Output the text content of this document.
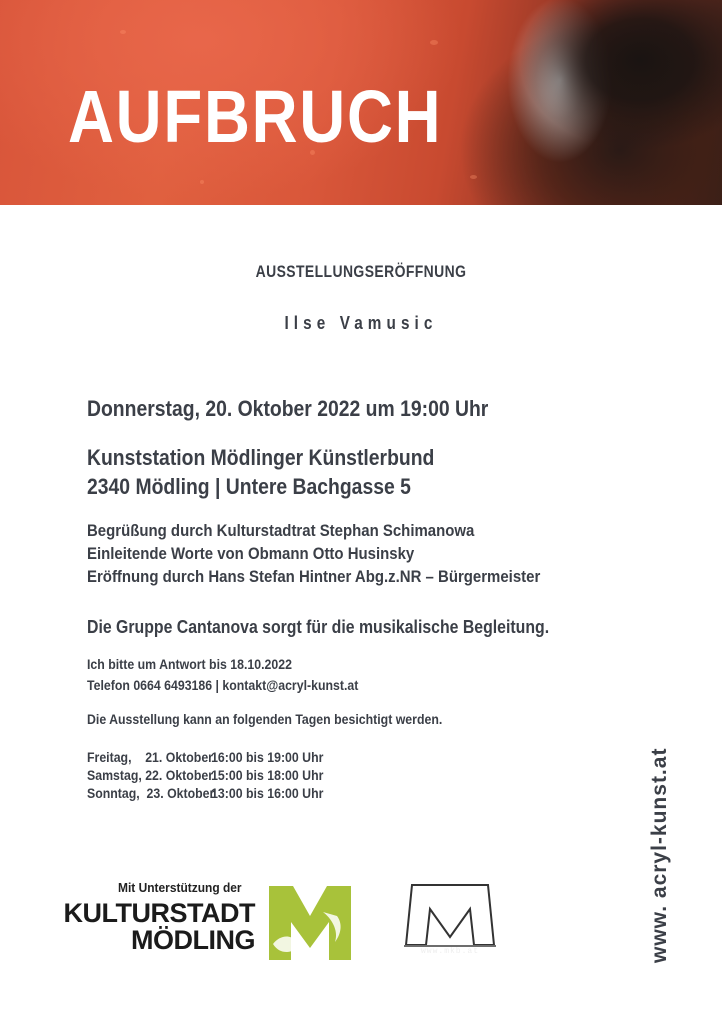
AUFBRUCH

AUSSTELLUNGSERÖFFNUNG

Ilse Vamusic

Donnerstag, 20. Oktober 2022 um 19:00 Uhr

Kunststation Mödlinger Künstlerbund
2340 Mödling | Untere Bachgasse 5
Begrüßung durch Kulturstadtrat Stephan Schimanowa
Einleitende Worte von Obmann Otto Husinsky
Eröffnung durch Hans Stefan Hintner Abg.z.NR – Bürgermeister

Die Gruppe Cantanova sorgt für die musikalische Begleitung.

Ich bitte um Antwort bis 18.10.2022
Telefon 0664 6493186 | kontakt@acryl-kunst.at

Die Ausstellung kann an folgenden Tagen besichtigt werden.

Freitag,    21. Oktober
16:00 bis 19:00 Uhr
Samstag, 22. Oktober
15:00 bis 18:00 Uhr
Sonntag,  23. Oktober
13:00 bis 16:00 Uhr	www. acryl-kunst.at

Mit Unterstützung der
KULTURSTADT
MÖDLING	www.mkb.at
